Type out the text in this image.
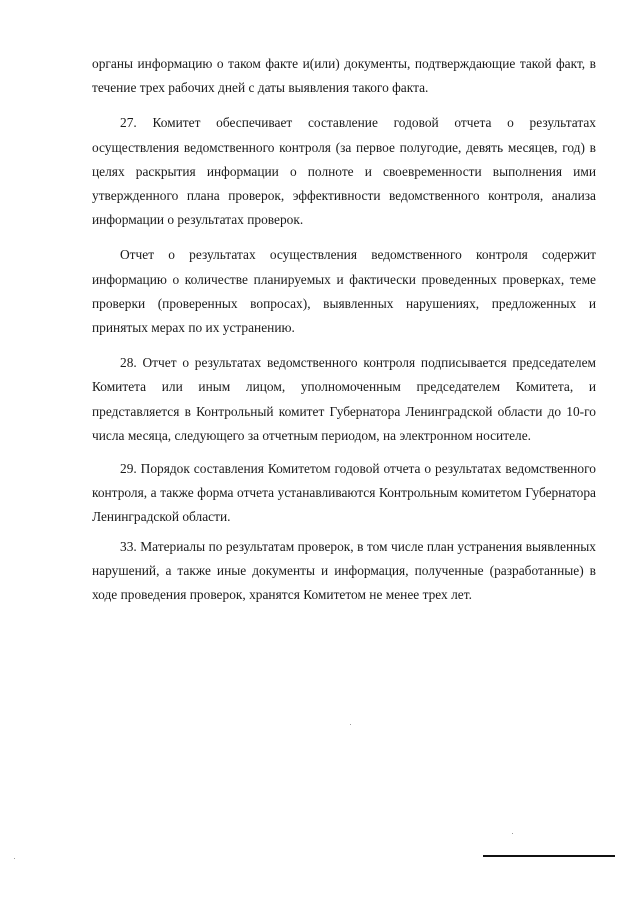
органы информацию о таком факте и(или) документы, подтверждающие такой факт, в течение трех рабочих дней с даты выявления такого факта.

27. Комитет обеспечивает составление годовой отчета о результатах осуществления ведомственного контроля (за первое полугодие, девять месяцев, год) в целях раскрытия информации о полноте и своевременности выполнения ими утвержденного плана проверок, эффективности ведомственного контроля, анализа информации о результатах проверок.

Отчет о результатах осуществления ведомственного контроля содержит информацию о количестве планируемых и фактически проведенных проверках, теме проверки (проверенных вопросах), выявленных нарушениях, предложенных и принятых мерах по их устранению.

28. Отчет о результатах ведомственного контроля подписывается председателем Комитета или иным лицом, уполномоченным председателем Комитета, и представляется в Контрольный комитет Губернатора Ленинградской области до 10-го числа месяца, следующего за отчетным периодом, на электронном носителе.

29. Порядок составления Комитетом годовой отчета о результатах ведомственного контроля, а также форма отчета устанавливаются Контрольным комитетом Губернатора Ленинградской области.

33. Материалы по результатам проверок, в том числе план устранения выявленных нарушений, а также иные документы и информация, полученные (разработанные) в ходе проведения проверок, хранятся Комитетом не менее трех лет.
